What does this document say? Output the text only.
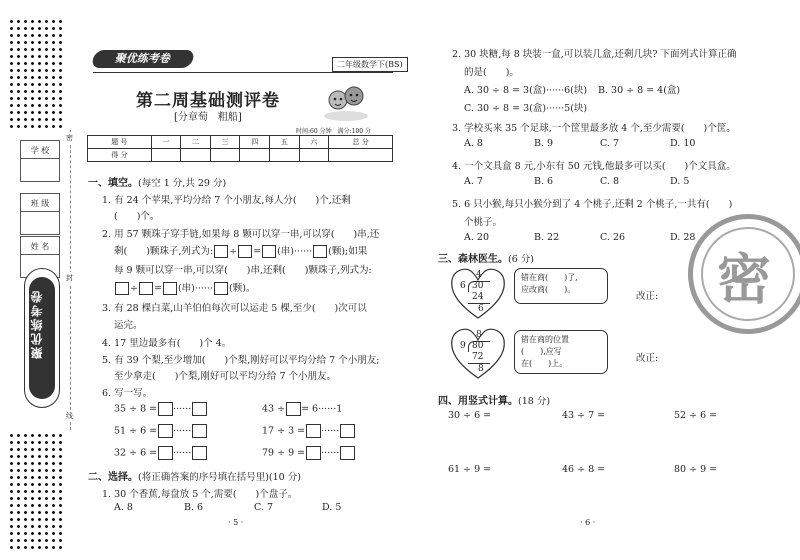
学 校
班 级
姓 名
聚优练考卷
密
封
线
聚优练考卷	二年级数学下(BS)
第二周基础测评卷
[分章萄　粗船]
时间:60 分钟　满分:100 分
题 号	一	二	三	四	五	六	总 分
得 分							
一、填空。(每空 1 分,共 29 分)
1. 有 24 个苹果,平均分给 7 个小朋友,每人分(　　)个,还剩
(　　)个。
2. 用 57 颗珠子穿手链,如果每 8 颗可以穿一串,可以穿(　　)串,还
剩(　　)颗珠子,列式为: ÷ = (串)······ (颗);如果
每 9 颗可以穿一串,可以穿(　　)串,还剩(　　)颗珠子,列式为:
÷ = (串)······ (颗)。
3. 有 28 棵白菜,山羊伯伯每次可以运走 5 棵,至少(　　)次可以
运完。
4. 17 里边最多有(　　)个 4。
5. 有 39 个梨,至少增加(　　)个梨,刚好可以平均分给 7 个小朋友;
至少拿走(　　)个梨,刚好可以平均分给 7 个小朋友。
6. 写一写。
35 ÷ 8 = ······	43 ÷ = 6······1
51 ÷ 6 = ······	17 ÷ 3 = ······
32 ÷ 6 = ······	79 ÷ 9 = ······
二、选择。(将正确答案的序号填在括号里)(10 分)
1. 30 个香蕉,每盘放 5 个,需要(　　)个盘子。
A. 8	B. 6	C. 7	D. 5
· 5 ·
2. 30 块糖,每 8 块装一盒,可以装几盒,还剩几块? 下面列式计算正确
的是(　　)。
A. 30 ÷ 8 = 3(盒)······6(块) B. 30 ÷ 8 = 4(盒)
C. 30 ÷ 8 = 3(盒)······5(块)
3. 学校买来 35 个足球,一个筐里最多放 4 个,至少需要(　　)个筐。
A. 8	B. 9	C. 7	D. 10
4. 一个文具盒 8 元,小东有 50 元钱,他最多可以买(　　)个文具盒。
A. 7	B. 6	C. 8	D. 5
5. 6 只小猴,每只小猴分到了 4 个桃子,还剩 2 个桃子,一共有(　　)
个桃子。
A. 20	B. 22	C. 26	D. 28
三、森林医生。(6 分)
4
6 30
24
6
错在商(　　)了,
应改商(　　)。
改正:
8
9 80
72
8
错在商的位置
(　　),应写
在(　　)上。	改正:
密
四、用竖式计算。(18 分)
30 ÷ 6 =	43 ÷ 7 =	52 ÷ 6 =
61 ÷ 9 =	46 ÷ 8 =	80 ÷ 9 =
· 6 ·
